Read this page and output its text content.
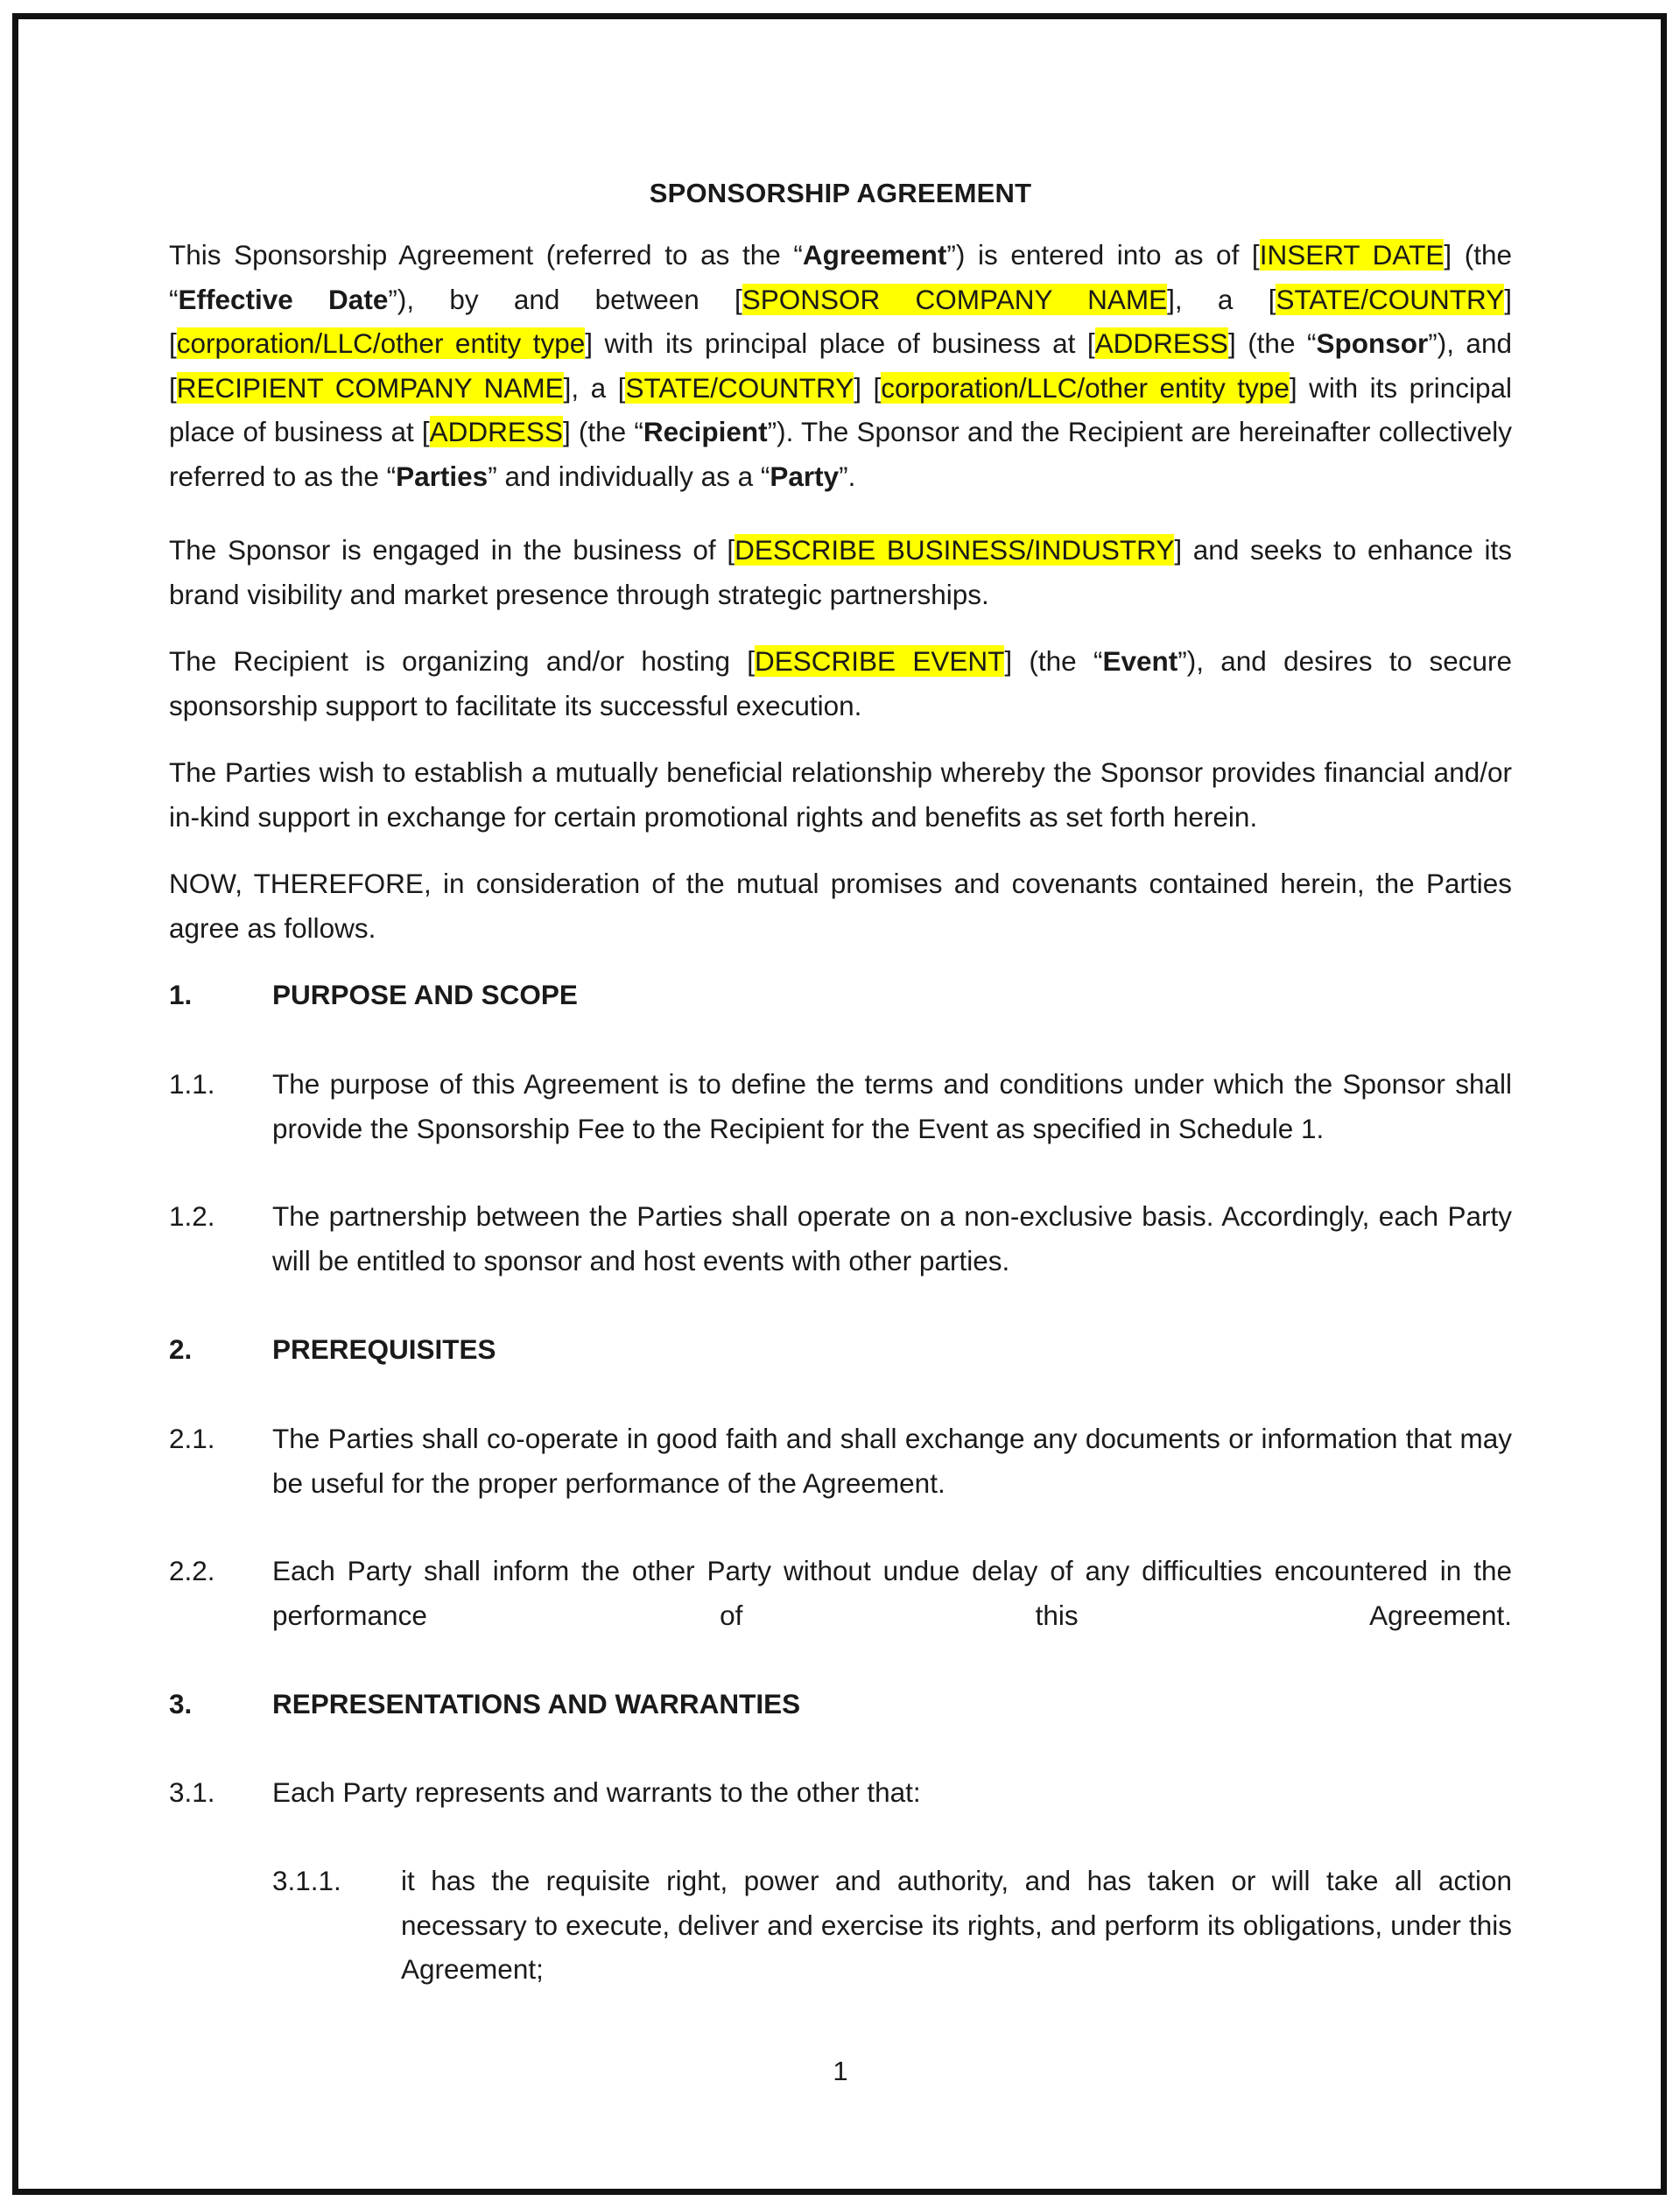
SPONSORSHIP AGREEMENT
This Sponsorship Agreement (referred to as the “Agreement”) is entered into as of [INSERT DATE] (the “Effective Date”), by and between [SPONSOR COMPANY NAME], a [STATE/COUNTRY] [corporation/LLC/other entity type] with its principal place of business at [ADDRESS] (the “Sponsor”), and [RECIPIENT COMPANY NAME], a [STATE/COUNTRY] [corporation/LLC/other entity type] with its principal place of business at [ADDRESS] (the “Recipient”). The Sponsor and the Recipient are hereinafter collectively referred to as the “Parties” and individually as a “Party”.
The Sponsor is engaged in the business of [DESCRIBE BUSINESS/INDUSTRY] and seeks to enhance its brand visibility and market presence through strategic partnerships.
The Recipient is organizing and/or hosting [DESCRIBE EVENT] (the “Event”), and desires to secure sponsorship support to facilitate its successful execution.
The Parties wish to establish a mutually beneficial relationship whereby the Sponsor provides financial and/or in-kind support in exchange for certain promotional rights and benefits as set forth herein.
NOW, THEREFORE, in consideration of the mutual promises and covenants contained herein, the Parties agree as follows.
1.	PURPOSE AND SCOPE
1.1. The purpose of this Agreement is to define the terms and conditions under which the Sponsor shall provide the Sponsorship Fee to the Recipient for the Event as specified in Schedule 1.
1.2. The partnership between the Parties shall operate on a non-exclusive basis. Accordingly, each Party will be entitled to sponsor and host events with other parties.
2.	PREREQUISITES
2.1. The Parties shall co-operate in good faith and shall exchange any documents or information that may be useful for the proper performance of the Agreement.
2.2. Each Party shall inform the other Party without undue delay of any difficulties encountered in the performance of this Agreement.
3.	REPRESENTATIONS AND WARRANTIES
3.1. Each Party represents and warrants to the other that:
3.1.1. it has the requisite right, power and authority, and has taken or will take all action necessary to execute, deliver and exercise its rights, and perform its obligations, under this Agreement;
1
